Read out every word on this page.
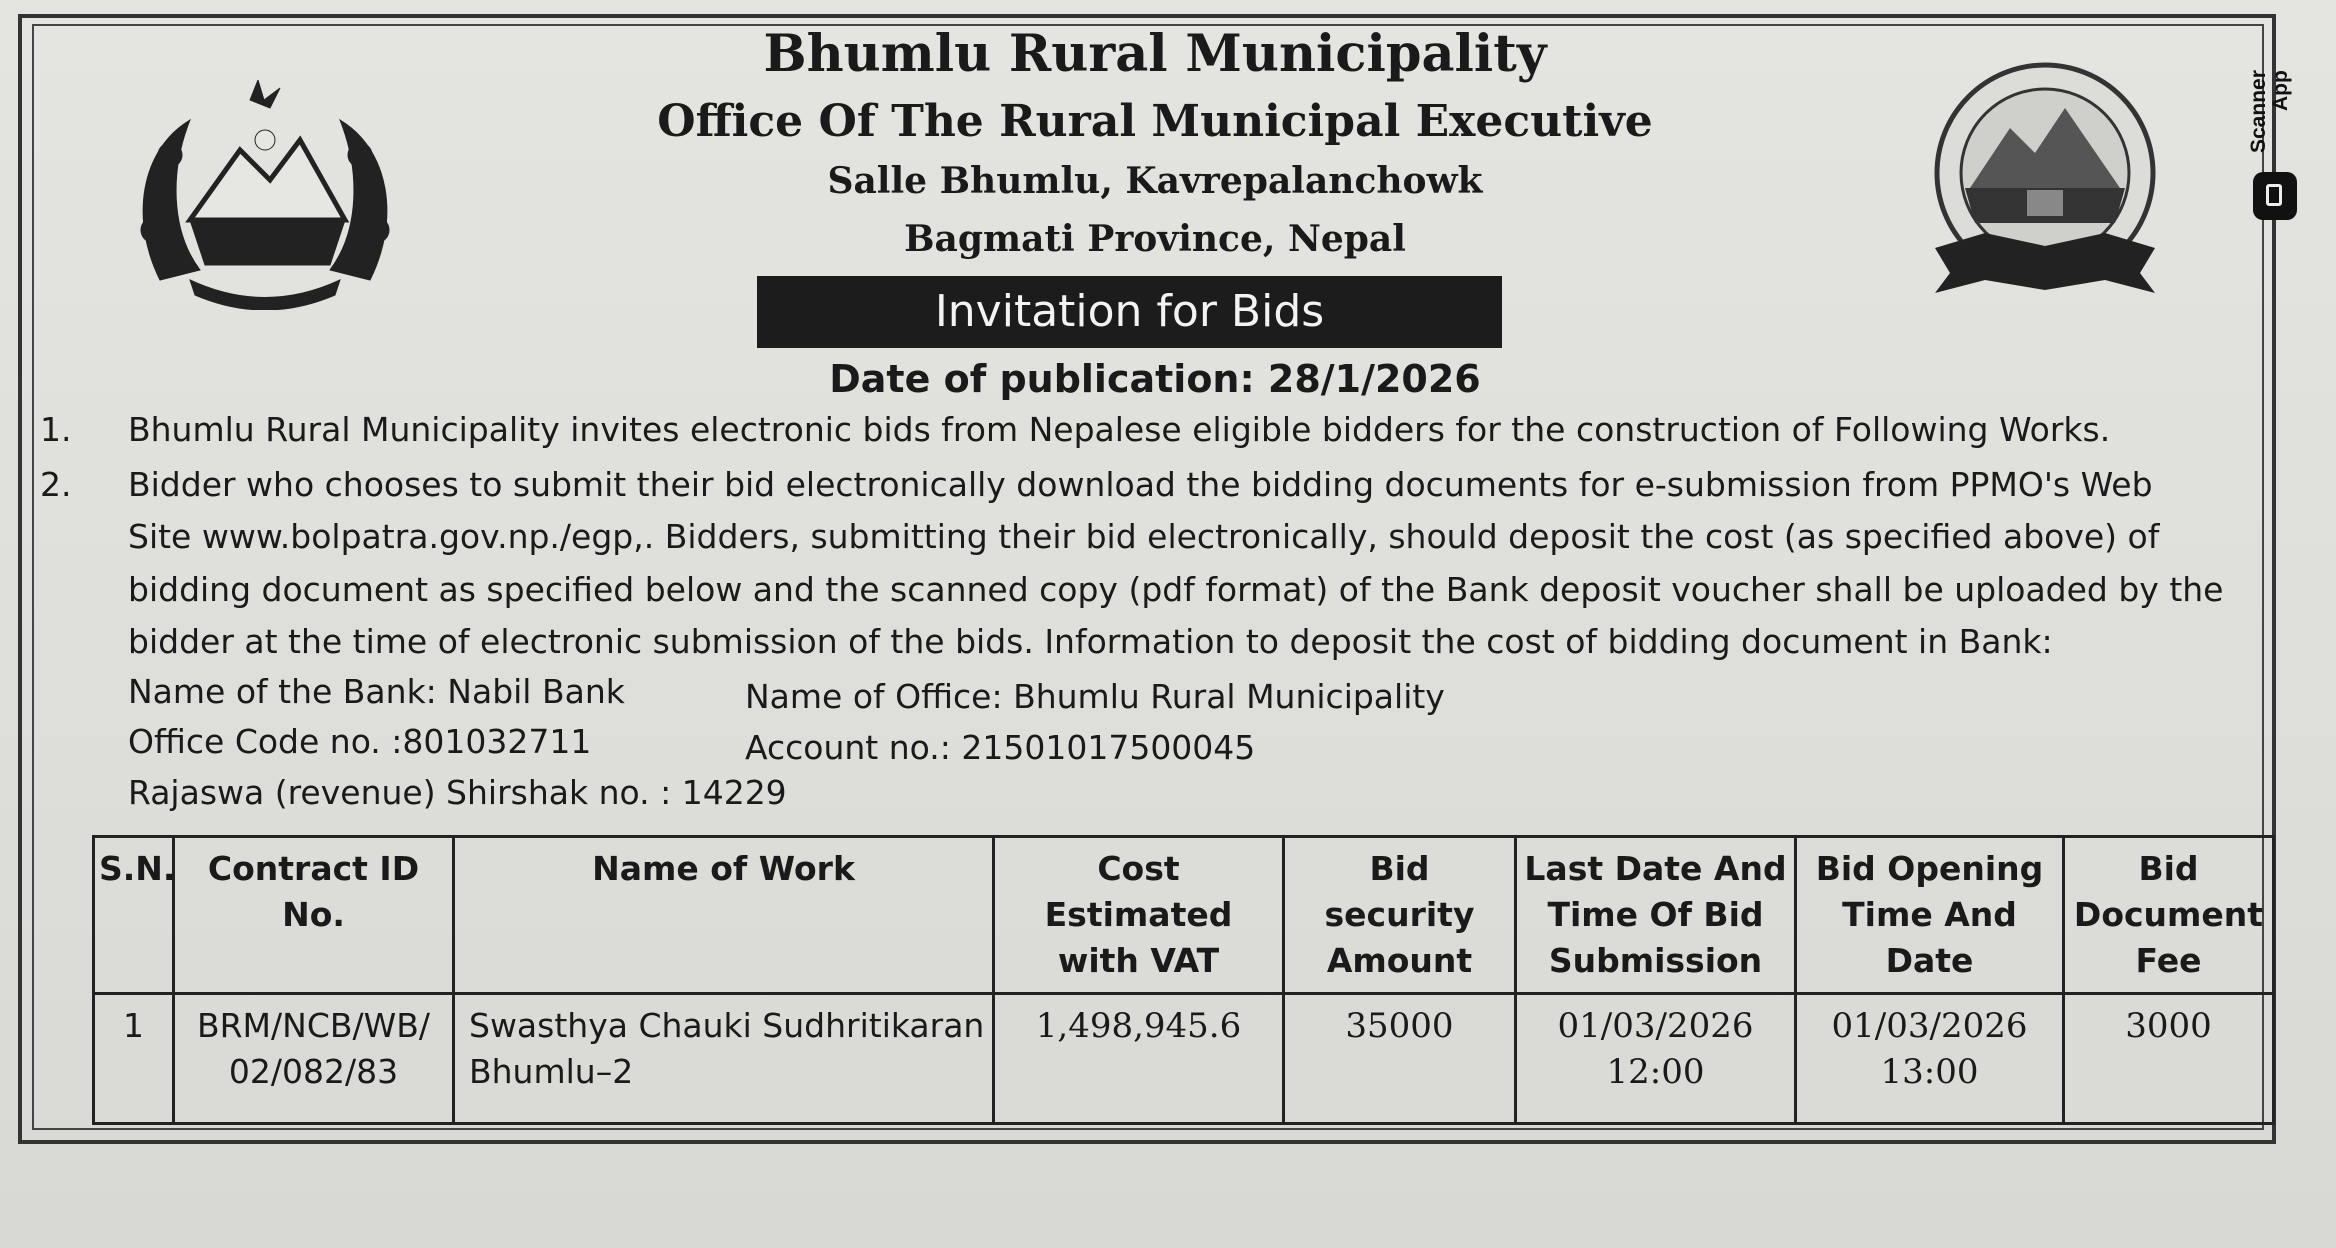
Scanner App
Bhumlu Rural Municipality
Office Of The Rural Municipal Executive
Salle Bhumlu, Kavrepalanchowk
Bagmati Province, Nepal
Invitation for Bids
Date of publication: 28/1/2026
1. Bhumlu Rural Municipality invites electronic bids from Nepalese eligible bidders for the construction of Following Works.
2. Bidder who chooses to submit their bid electronically download the bidding documents for e-submission from PPMO's Web
Site www.bolpatra.gov.np./egp,. Bidders, submitting their bid electronically, should deposit the cost (as specified above) of
bidding document as specified below and the scanned copy (pdf format) of the Bank deposit voucher shall be uploaded by the
bidder at the time of electronic submission of the bids. Information to deposit the cost of bidding document in Bank:
Name of the Bank: Nabil Bank	Name of Office: Bhumlu Rural Municipality
Office Code no. :801032711	Account no.: 21501017500045
Rajaswa (revenue) Shirshak no. : 14229
S.N.	Contract ID No.	Name of Work	Cost Estimated with VAT	Bid security Amount	Last Date And Time Of Bid Submission	Bid Opening Time And Date	Bid Document Fee
1	BRM/NCB/WB/ 02/082/83	Swasthya Chauki Sudhritikaran Bhumlu–2	1,498,945.6	35000	01/03/2026 12:00	01/03/2026 13:00	3000
